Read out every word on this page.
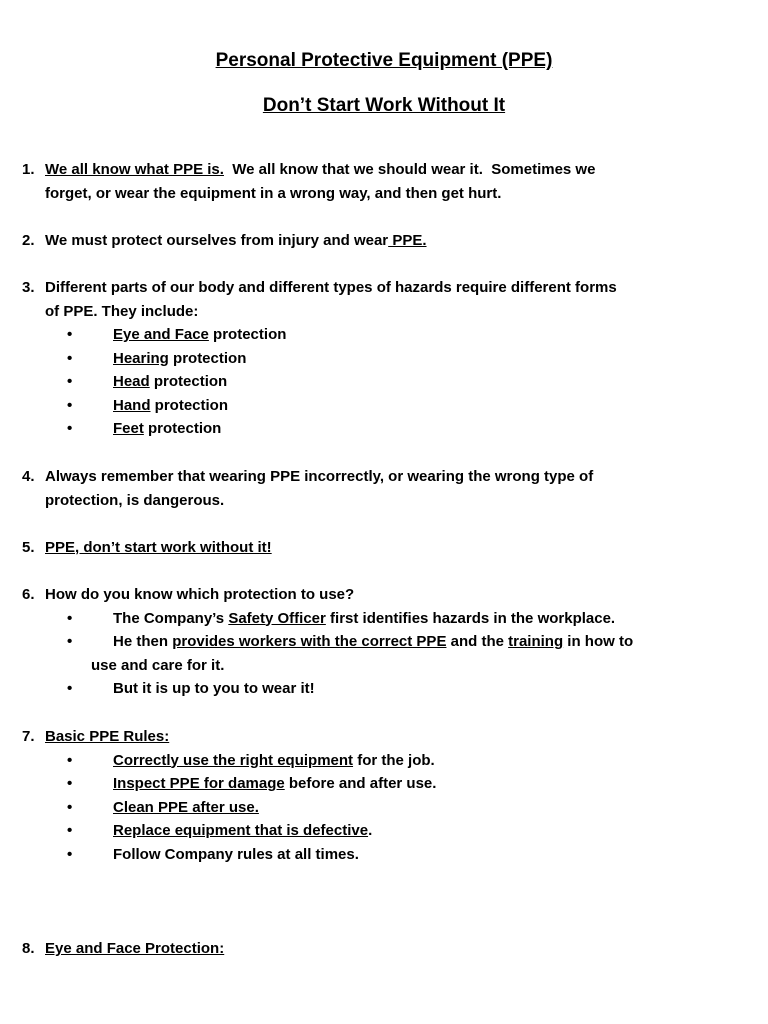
Personal Protective Equipment (PPE)
Don’t Start Work Without It
1. We all know what PPE is.  We all know that we should wear it.  Sometimes we
forget, or wear the equipment in a wrong way, and then get hurt.
2. We must protect ourselves from injury and wear PPE.
3. Different parts of our body and different types of hazards require different forms
of PPE. They include:
•	Eye and Face protection
•	Hearing protection
•	Head protection
•	Hand protection
•	Feet protection
4. Always remember that wearing PPE incorrectly, or wearing the wrong type of
protection, is dangerous.
5. PPE, don’t start work without it!
6. How do you know which protection to use?
•	The Company’s Safety Officer first identifies hazards in the workplace.
•	He then provides workers with the correct PPE and the training in how to
use and care for it.
•	But it is up to you to wear it!
7. Basic PPE Rules:
•	Correctly use the right equipment for the job.
•	Inspect PPE for damage before and after use.
•	Clean PPE after use.
•	Replace equipment that is defective.
•	Follow Company rules at all times.
8. Eye and Face Protection:
